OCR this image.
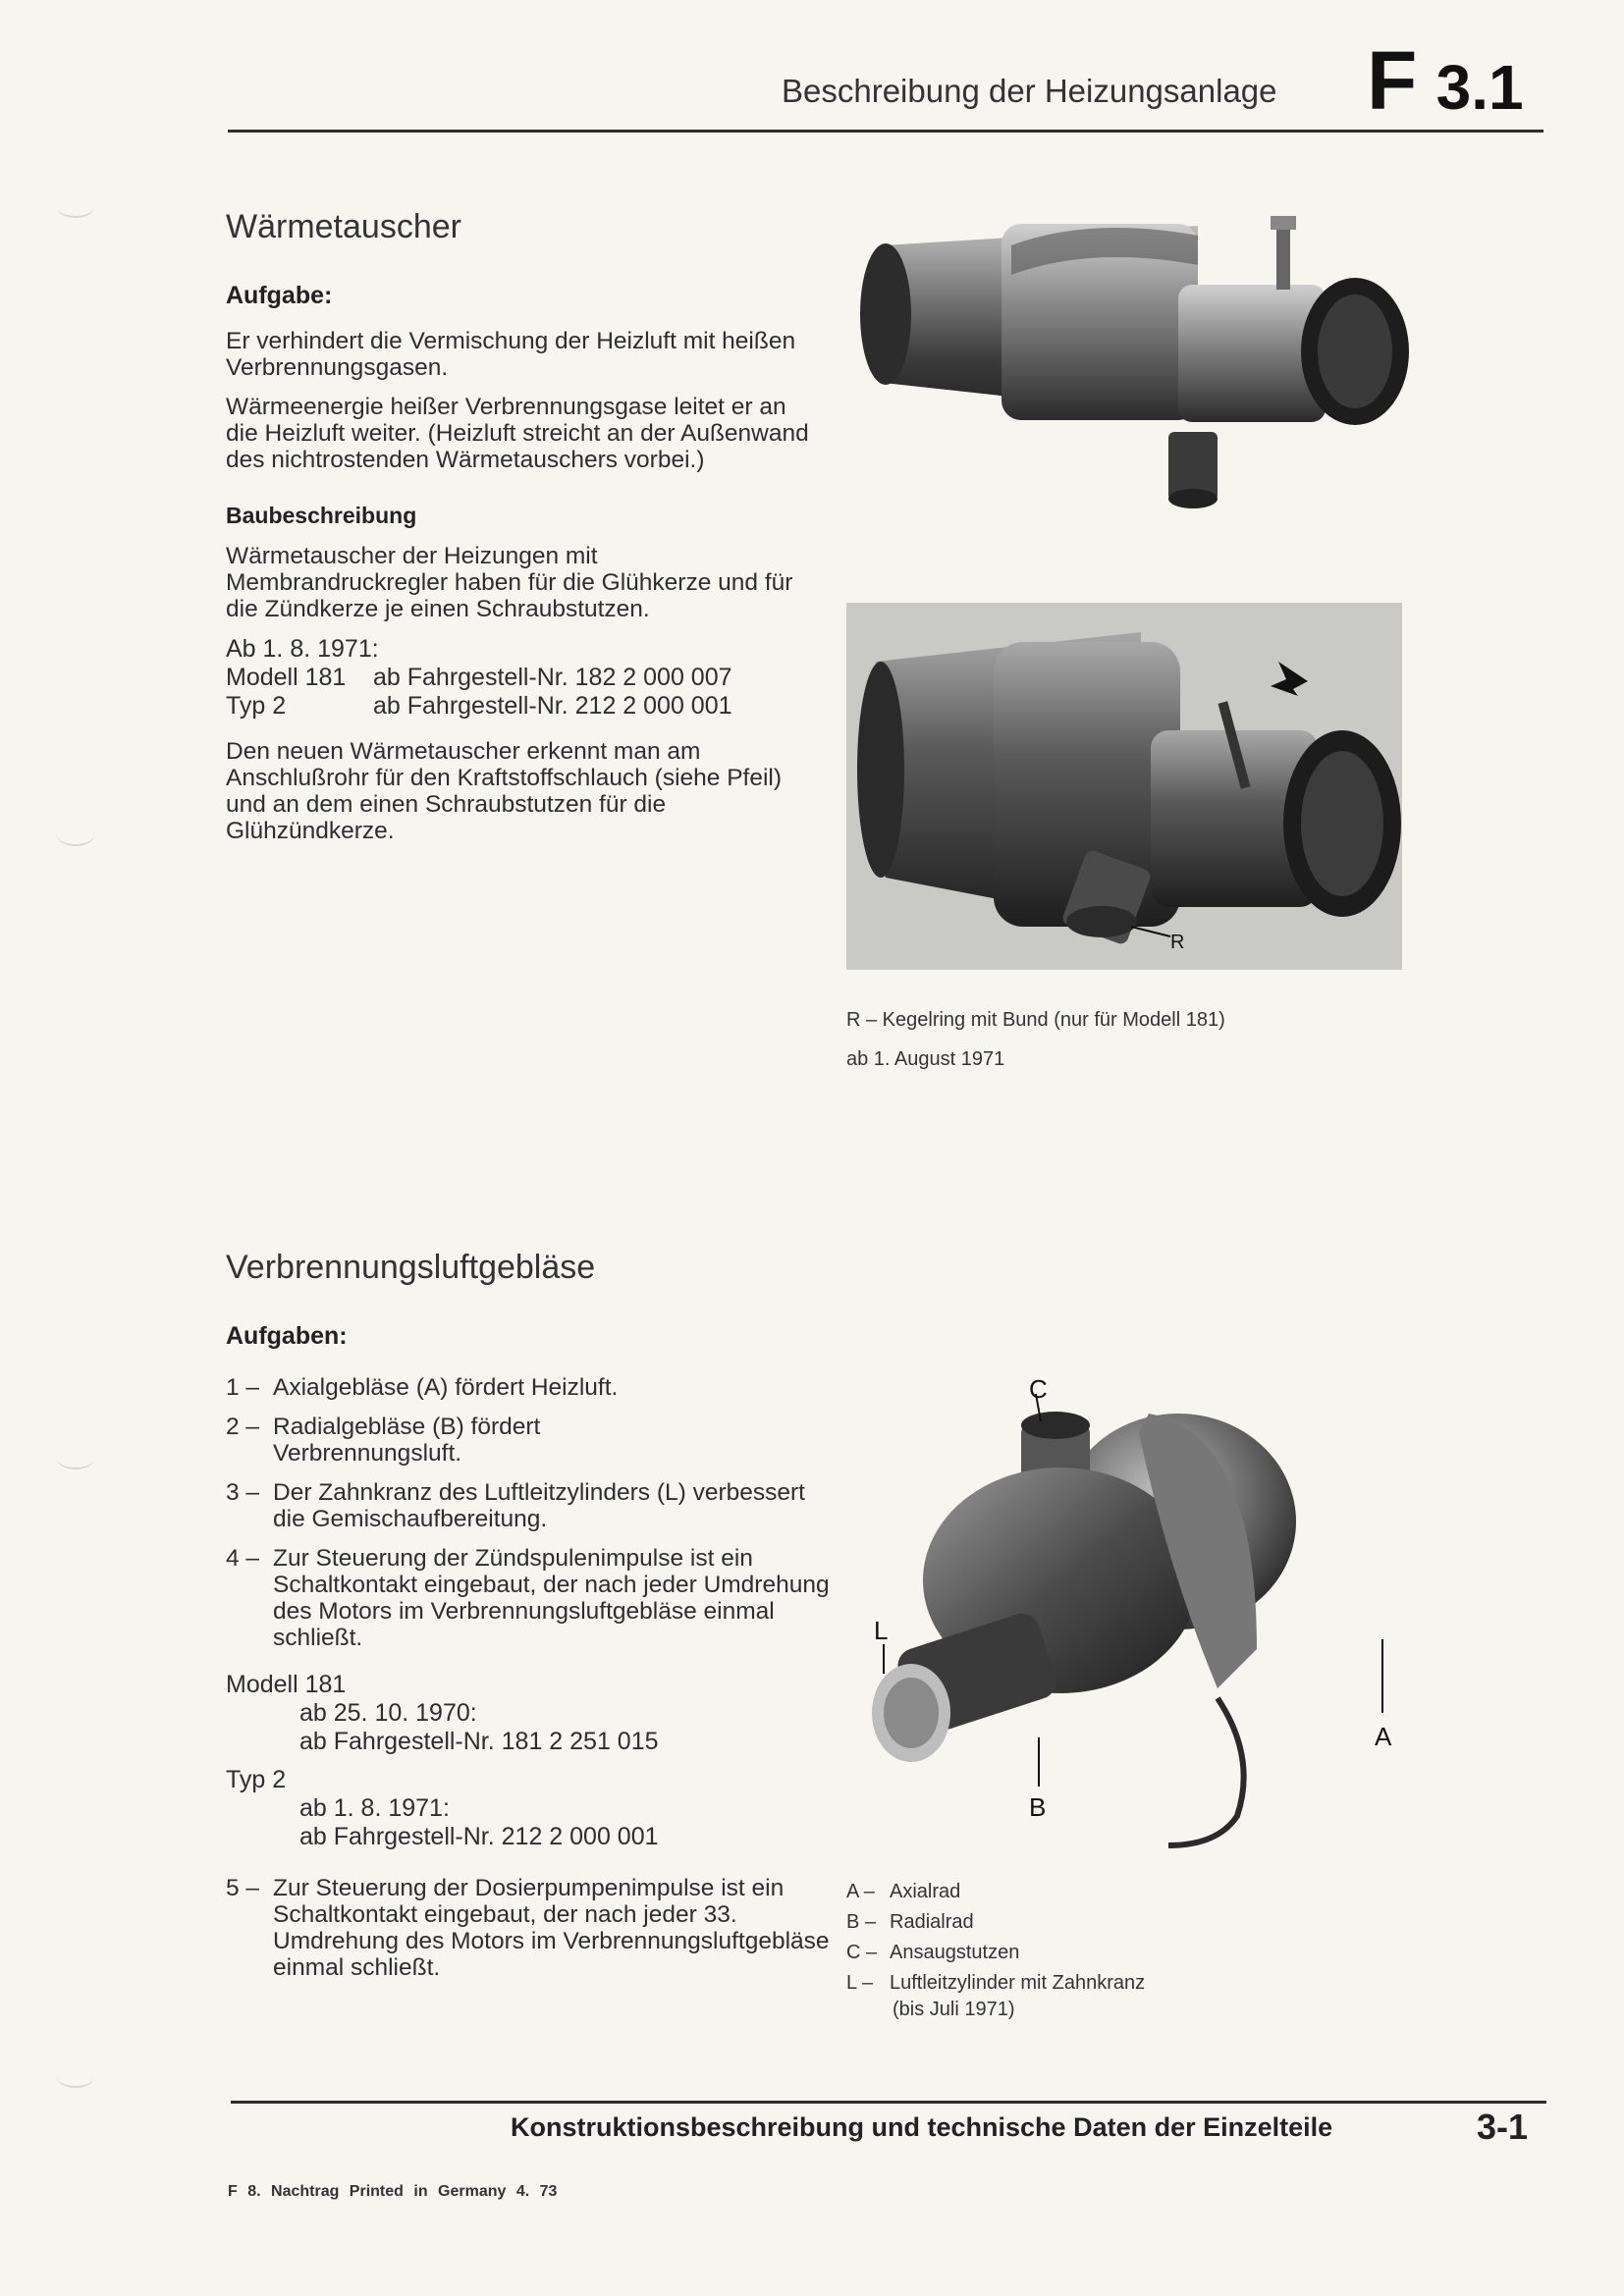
Beschreibung der Heizungsanlage F 3.1
Wärmetauscher
Aufgabe:

Er verhindert die Vermischung der Heizluft mit heißen Verbrennungsgasen.

Wärmeenergie heißer Verbrennungsgase leitet er an die Heizluft weiter. (Heizluft streicht an der Außenwand des nichtrostenden Wärmetauschers vorbei.)

Baubeschreibung

Wärmetauscher der Heizungen mit Membrandruckregler haben für die Glühkerze und für die Zündkerze je einen Schraubstutzen.

Ab 1. 8. 1971:
Modell 181	ab Fahrgestell-Nr. 182 2 000 007
Typ 2	ab Fahrgestell-Nr. 212 2 000 001

Den neuen Wärmetauscher erkennt man am Anschlußrohr für den Kraftstoffschlauch (siehe Pfeil) und an dem einen Schraubstutzen für die Glühzündkerze.

R
R – Kegelring mit Bund (nur für Modell 181)
ab 1. August 1971
Verbrennungsluftgebläse
Aufgaben:
1 – Axialgebläse (A) fördert Heizluft.
2 – Radialgebläse (B) fördert Verbrennungsluft.
3 – Der Zahnkranz des Luftleitzylinders (L) verbessert die Gemischaufbereitung.
4 – Zur Steuerung der Zündspulenimpulse ist ein Schaltkontakt eingebaut, der nach jeder Umdrehung des Motors im Verbrennungsluftgebläse einmal schließt.
Modell 181
ab 25. 10. 1970:
ab Fahrgestell-Nr. 181 2 251 015
Typ 2
ab 1. 8. 1971:
ab Fahrgestell-Nr. 212 2 000 001
5 – Zur Steuerung der Dosierpumpenimpulse ist ein Schaltkontakt eingebaut, der nach jeder 33. Umdrehung des Motors im Verbrennungsluftgebläse einmal schließt.
C
L
B
A
A – Axialrad
B – Radialrad
C – Ansaugstutzen
L – Luftleitzylinder mit Zahnkranz
(bis Juli 1971)
Konstruktionsbeschreibung und technische Daten der Einzelteile	3-1
F 8. Nachtrag Printed in Germany 4. 73
